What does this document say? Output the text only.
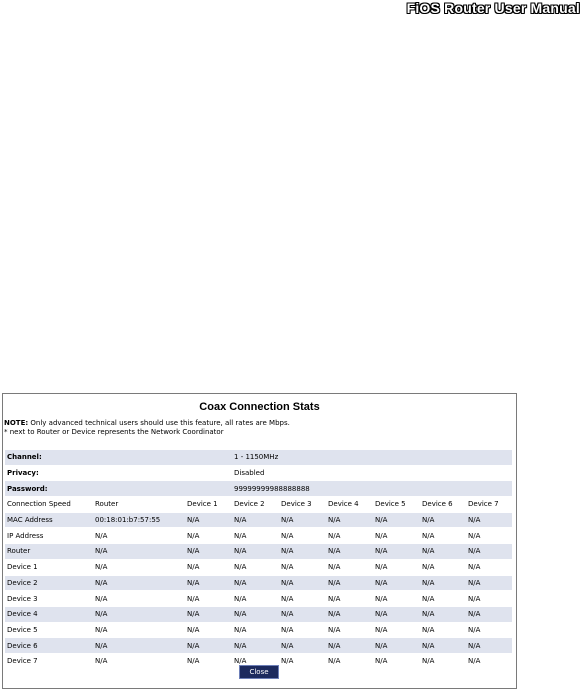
FiOS Router User Manual
Coax Connection Stats
NOTE: Only advanced technical users should use this feature, all rates are Mbps.
* next to Router or Device represents the Network Coordinator
Channel:			1 - 1150MHz					
Privacy:			Disabled					
Password:			99999999988888888					
Connection Speed	Router	Device 1	Device 2	Device 3	Device 4	Device 5	Device 6	Device 7
MAC Address	00:18:01:b7:57:55	N/A	N/A	N/A	N/A	N/A	N/A	N/A
IP Address	N/A	N/A	N/A	N/A	N/A	N/A	N/A	N/A
Router	N/A	N/A	N/A	N/A	N/A	N/A	N/A	N/A
Device 1	N/A	N/A	N/A	N/A	N/A	N/A	N/A	N/A
Device 2	N/A	N/A	N/A	N/A	N/A	N/A	N/A	N/A
Device 3	N/A	N/A	N/A	N/A	N/A	N/A	N/A	N/A
Device 4	N/A	N/A	N/A	N/A	N/A	N/A	N/A	N/A
Device 5	N/A	N/A	N/A	N/A	N/A	N/A	N/A	N/A
Device 6	N/A	N/A	N/A	N/A	N/A	N/A	N/A	N/A
Device 7	N/A	N/A	N/A	N/A	N/A	N/A	N/A	N/A
Close
